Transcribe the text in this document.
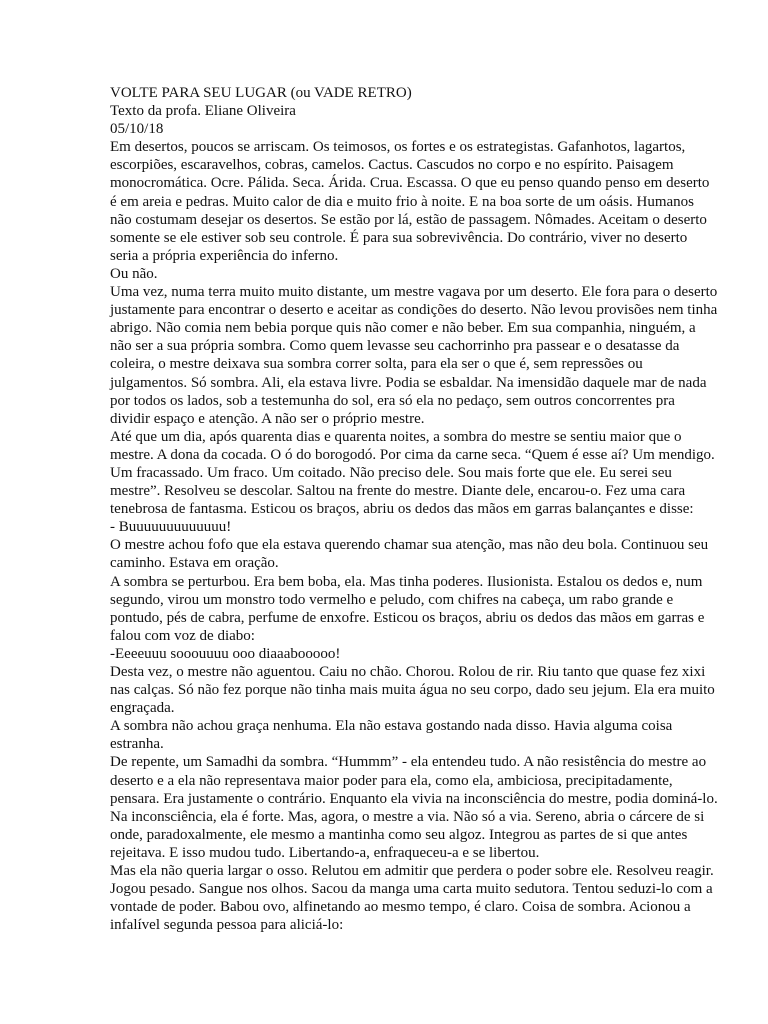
VOLTE PARA SEU LUGAR (ou VADE RETRO)

Texto da profa. Eliane Oliveira

05/10/18

Em desertos, poucos se arriscam. Os teimosos, os fortes e os estrategistas. Gafanhotos, lagartos, escorpiões, escaravelhos, cobras, camelos. Cactus. Cascudos no corpo e no espírito. Paisagem monocromática. Ocre. Pálida. Seca. Árida. Crua. Escassa. O que eu penso quando penso em deserto é em areia e pedras. Muito calor de dia e muito frio à noite. E na boa sorte de um oásis. Humanos não costumam desejar os desertos. Se estão por lá, estão de passagem. Nômades. Aceitam o deserto somente se ele estiver sob seu controle. É para sua sobrevivência. Do contrário, viver no deserto seria a própria experiência do inferno.

Ou não.

Uma vez, numa terra muito muito distante, um mestre vagava por um deserto. Ele fora para o deserto justamente para encontrar o deserto e aceitar as condições do deserto. Não levou provisões nem tinha abrigo. Não comia nem bebia porque quis não comer e não beber. Em sua companhia, ninguém, a não ser a sua própria sombra. Como quem levasse seu cachorrinho pra passear e o desatasse da coleira, o mestre deixava sua sombra correr solta, para ela ser o que é, sem repressões ou julgamentos. Só sombra. Ali, ela estava livre. Podia se esbaldar. Na imensidão daquele mar de nada por todos os lados, sob a testemunha do sol, era só ela no pedaço, sem outros concorrentes pra dividir espaço e atenção. A não ser o próprio mestre.

Até que um dia, após quarenta dias e quarenta noites, a sombra do mestre se sentiu maior que o mestre. A dona da cocada. O ó do borogodó. Por cima da carne seca. “Quem é esse aí? Um mendigo. Um fracassado. Um fraco. Um coitado. Não preciso dele. Sou mais forte que ele. Eu serei seu mestre”. Resolveu se descolar. Saltou na frente do mestre. Diante dele, encarou-o. Fez uma cara tenebrosa de fantasma. Esticou os braços, abriu os dedos das mãos em garras balançantes e disse:

- Buuuuuuuuuuuuu!

O mestre achou fofo que ela estava querendo chamar sua atenção, mas não deu bola. Continuou seu caminho. Estava em oração.

A sombra se perturbou. Era bem boba, ela. Mas tinha poderes. Ilusionista. Estalou os dedos e, num segundo, virou um monstro todo vermelho e peludo, com chifres na cabeça, um rabo grande e pontudo, pés de cabra, perfume de enxofre. Esticou os braços, abriu os dedos das mãos em garras e falou com voz de diabo:

-Eeeeuuu sooouuuu ooo diaaabooooo!

Desta vez, o mestre não aguentou. Caiu no chão. Chorou. Rolou de rir. Riu tanto que quase fez xixi nas calças. Só não fez porque não tinha mais muita água no seu corpo, dado seu jejum. Ela era muito engraçada.

A sombra não achou graça nenhuma. Ela não estava gostando nada disso. Havia alguma coisa estranha.

De repente, um Samadhi da sombra. “Hummm” - ela entendeu tudo. A não resistência do mestre ao deserto e a ela não representava maior poder para ela, como ela, ambiciosa, precipitadamente, pensara. Era justamente o contrário. Enquanto ela vivia na inconsciência do mestre, podia dominá-lo. Na inconsciência, ela é forte. Mas, agora, o mestre a via. Não só a via. Sereno, abria o cárcere de si onde, paradoxalmente, ele mesmo a mantinha como seu algoz. Integrou as partes de si que antes rejeitava. E isso mudou tudo. Libertando-a, enfraqueceu-a e se libertou.

Mas ela não queria largar o osso. Relutou em admitir que perdera o poder sobre ele. Resolveu reagir. Jogou pesado. Sangue nos olhos. Sacou da manga uma carta muito sedutora. Tentou seduzi-lo com a vontade de poder. Babou ovo, alfinetando ao mesmo tempo, é claro. Coisa de sombra. Acionou a infalível segunda pessoa para aliciá-lo:
